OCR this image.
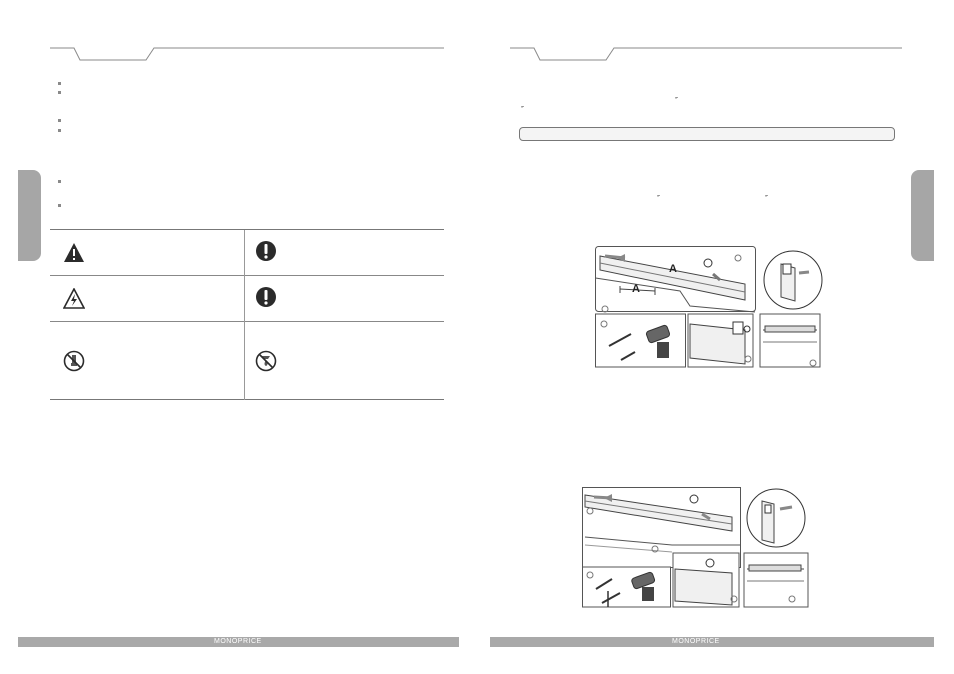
″
″
″	″
A
A
MONOPRICE	MONOPRICE
